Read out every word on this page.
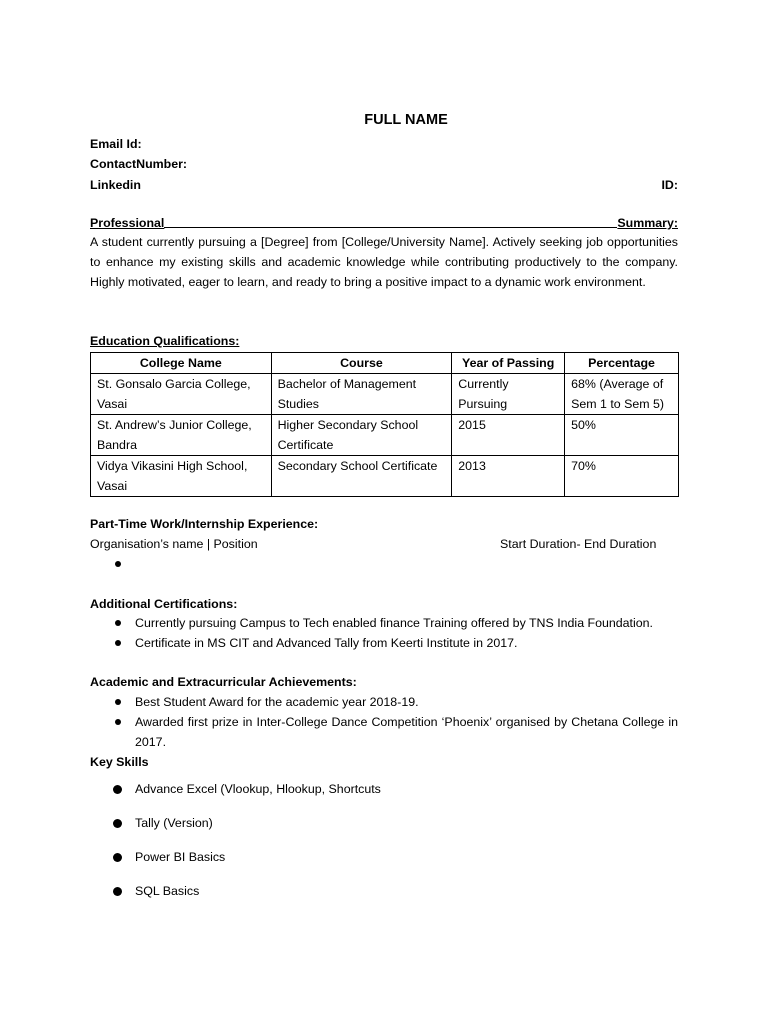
FULL NAME
Email Id:
ContactNumber:
Linkedin	ID:
Professional	Summary:
A student currently pursuing a [Degree] from [College/University Name]. Actively seeking job opportunities to enhance my existing skills and academic knowledge while contributing productively to the company. Highly motivated, eager to learn, and ready to bring a positive impact to a dynamic work environment.
Education Qualifications:
College Name	Course	Year of Passing	Percentage
St. Gonsalo Garcia College, Vasai	Bachelor of Management Studies	Currently Pursuing	68% (Average of Sem 1 to Sem 5)
St. Andrew’s Junior College, Bandra	Higher Secondary School Certificate	2015	50%
Vidya Vikasini High School, Vasai	Secondary School Certificate	2013	70%
Part-Time Work/Internship Experience:
Organisation’s name | Position	Start Duration- End Duration
Additional Certifications:
Currently pursuing Campus to Tech enabled finance Training offered by TNS India Foundation.
Certificate in MS CIT and Advanced Tally from Keerti Institute in 2017.
Academic and Extracurricular Achievements:
Best Student Award for the academic year 2018-19.
Awarded first prize in Inter-College Dance Competition ‘Phoenix’ organised by Chetana College in 2017.
Key Skills
Advance Excel (Vlookup, Hlookup, Shortcuts
Tally (Version)
Power BI Basics
SQL Basics
